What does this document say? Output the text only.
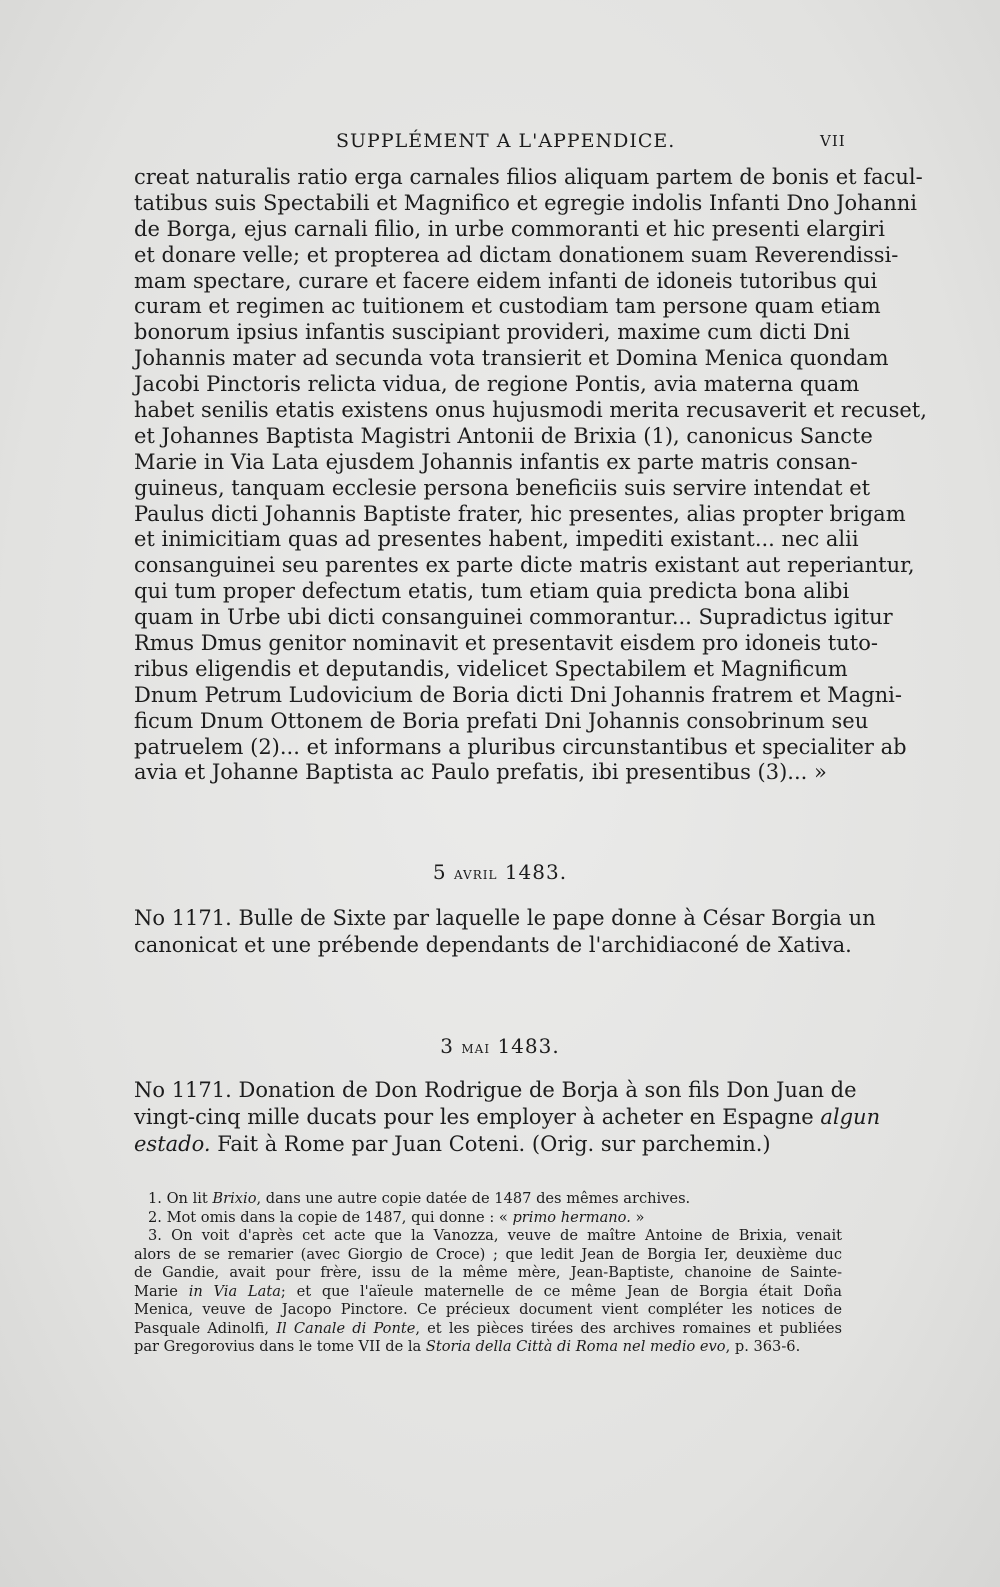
SUPPLÉMENT A L'APPENDICE.	VII
creat naturalis ratio erga carnales filios aliquam partem de bonis et facul-
tatibus suis Spectabili et Magnifico et egregie indolis Infanti Dno Johanni
de Borga, ejus carnali filio, in urbe commoranti et hic presenti elargiri
et donare velle; et propterea ad dictam donationem suam Reverendissi-
mam spectare, curare et facere eidem infanti de idoneis tutoribus qui
curam et regimen ac tuitionem et custodiam tam persone quam etiam
bonorum ipsius infantis suscipiant provideri, maxime cum dicti Dni
Johannis mater ad secunda vota transierit et Domina Menica quondam
Jacobi Pinctoris relicta vidua, de regione Pontis, avia materna quam
habet senilis etatis existens onus hujusmodi merita recusaverit et recuset,
et Johannes Baptista Magistri Antonii de Brixia (1), canonicus Sancte
Marie in Via Lata ejusdem Johannis infantis ex parte matris consan-
guineus, tanquam ecclesie persona beneficiis suis servire intendat et
Paulus dicti Johannis Baptiste frater, hic presentes, alias propter brigam
et inimicitiam quas ad presentes habent, impediti existant... nec alii
consanguinei seu parentes ex parte dicte matris existant aut reperiantur,
qui tum proper defectum etatis, tum etiam quia predicta bona alibi
quam in Urbe ubi dicti consanguinei commorantur... Supradictus igitur
Rmus Dmus genitor nominavit et presentavit eisdem pro idoneis tuto-
ribus eligendis et deputandis, videlicet Spectabilem et Magnificum
Dnum Petrum Ludovicium de Boria dicti Dni Johannis fratrem et Magni-
ficum Dnum Ottonem de Boria prefati Dni Johannis consobrinum seu
patruelem (2)... et informans a pluribus circunstantibus et specialiter ab
avia et Johanne Baptista ac Paulo prefatis, ibi presentibus (3)... »
5 avril 1483.
No 1171. Bulle de Sixte par laquelle le pape donne à César Borgia un
canonicat et une prébende dependants de l'archidiaconé de Xativa.
3 mai 1483.
No 1171. Donation de Don Rodrigue de Borja à son fils Don Juan de
vingt-cinq mille ducats pour les employer à acheter en Espagne algun
estado. Fait à Rome par Juan Coteni. (Orig. sur parchemin.)
1. On lit Brixio, dans une autre copie datée de 1487 des mêmes archives.
2. Mot omis dans la copie de 1487, qui donne : « primo hermano. »
3. On voit d'après cet acte que la Vanozza, veuve de maître Antoine de Brixia, venait
alors de se remarier (avec Giorgio de Croce) ; que ledit Jean de Borgia Ier, deuxième duc
de Gandie, avait pour frère, issu de la même mère, Jean-Baptiste, chanoine de Sainte-
Marie in Via Lata; et que l'aïeule maternelle de ce même Jean de Borgia était Doña
Menica, veuve de Jacopo Pinctore. Ce précieux document vient compléter les notices de
Pasquale Adinolfi, Il Canale di Ponte, et les pièces tirées des archives romaines et publiées
par Gregorovius dans le tome VII de la Storia della Città di Roma nel medio evo, p. 363-6.
